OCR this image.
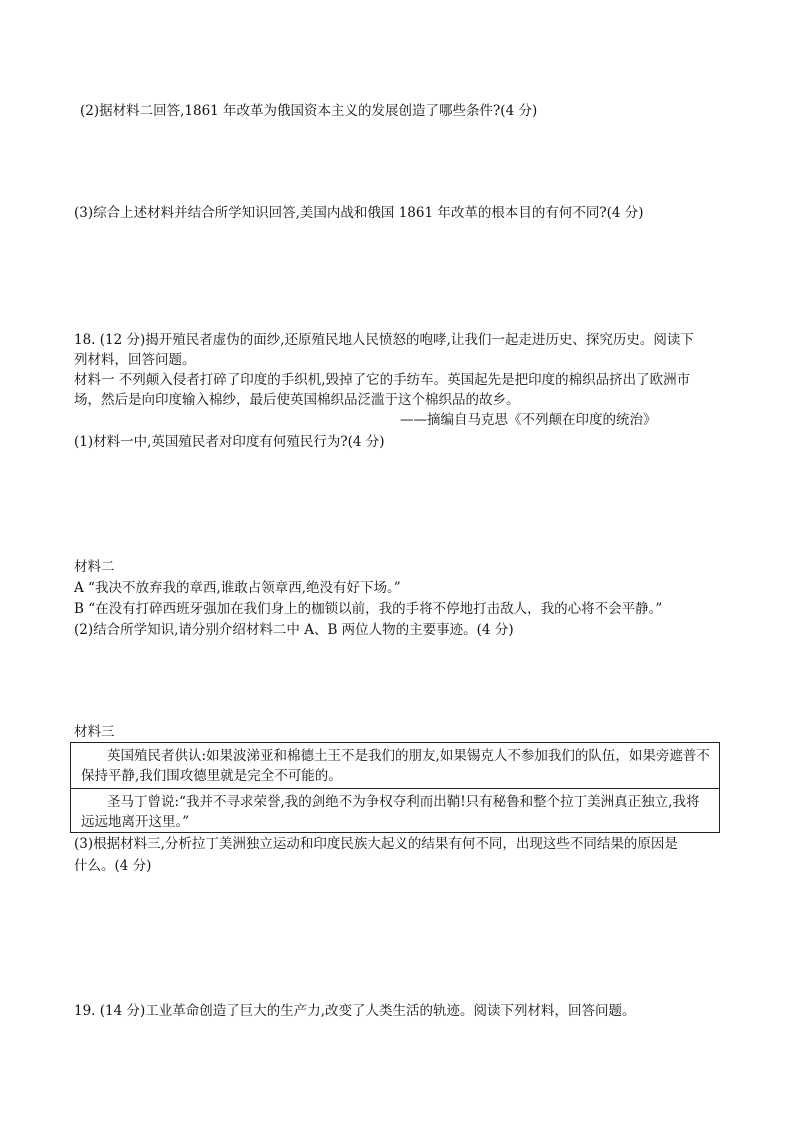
(2)据材料二回答,1861 年改革为俄国资本主义的发展创造了哪些条件?(4 分)
(3)综合上述材料并结合所学知识回答,美国内战和俄国 1861 年改革的根本目的有何不同?(4 分)
18. (12 分)揭开殖民者虚伪的面纱,还原殖民地人民愤怒的咆哮,让我们一起走进历史、探究历史。阅读下
列材料，回答问题。
材料一 不列颠入侵者打碎了印度的手织机,毁掉了它的手纺车。英国起先是把印度的棉织品挤出了欧洲市
场，然后是向印度输入棉纱，最后使英国棉织品泛滥于这个棉织品的故乡。
——摘编自马克思《不列颠在印度的统治》
(1)材料一中,英国殖民者对印度有何殖民行为?(4 分)
材料二
A “我决不放弃我的章西,谁敢占领章西,绝没有好下场。”
B “在没有打碎西班牙强加在我们身上的枷锁以前，我的手将不停地打击敌人，我的心将不会平静。”
(2)结合所学知识,请分别介绍材料二中 A、B 两位人物的主要事迹。(4 分)
材料三
英国殖民者供认:如果波涕亚和棉德土王不是我们的朋友,如果锡克人不参加我们的队伍，如果旁遮普不保持平静,我们围攻德里就是完全不可能的。
圣马丁曾说:“我并不寻求荣誉,我的剑绝不为争权夺利而出鞘!只有秘鲁和整个拉丁美洲真正独立,我将远远地离开这里。”
(3)根据材料三,分析拉丁美洲独立运动和印度民族大起义的结果有何不同，出现这些不同结果的原因是
什么。(4 分)
19. (14 分)工业革命创造了巨大的生产力,改变了人类生活的轨迹。阅读下列材料，回答问题。
